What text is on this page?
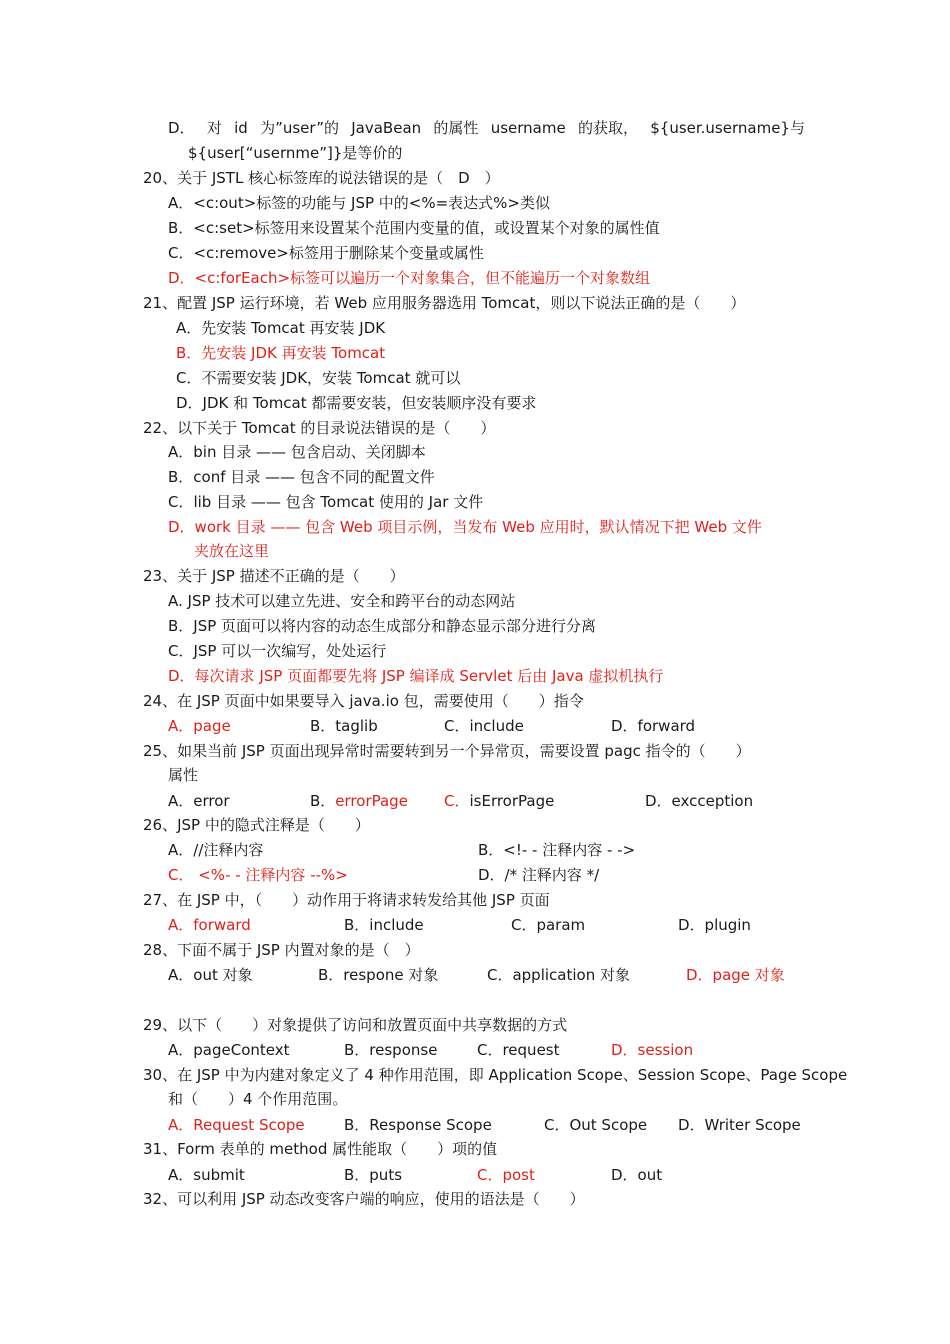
D． 对 id 为”user”的 JavaBean 的属性 username 的获取， ${user.username}与
${user[“usernme”]}是等价的
20、关于 JSTL 核心标签库的说法错误的是（　D　）
A．<c:out>标签的功能与 JSP 中的<%=表达式%>类似
B．<c:set>标签用来设置某个范围内变量的值，或设置某个对象的属性值
C．<c:remove>标签用于删除某个变量或属性
D．<c:forEach>标签可以遍历一个对象集合，但不能遍历一个对象数组
21、配置 JSP 运行环境，若 Web 应用服务器选用 Tomcat，则以下说法正确的是（　　）
A．先安装 Tomcat 再安装 JDK
B．先安装 JDK 再安装 Tomcat
C．不需要安装 JDK，安装 Tomcat 就可以
D．JDK 和 Tomcat 都需要安装，但安装顺序没有要求
22、以下关于 Tomcat 的目录说法错误的是（　　）
A．bin 目录 —— 包含启动、关闭脚本
B．conf 目录 —— 包含不同的配置文件
C．lib 目录 —— 包含 Tomcat 使用的 Jar 文件
D．work 目录 —— 包含 Web 项目示例，当发布 Web 应用时，默认情况下把 Web 文件
夹放在这里
23、关于 JSP 描述不正确的是（　　）
A. JSP 技术可以建立先进、安全和跨平台的动态网站
B．JSP 页面可以将内容的动态生成部分和静态显示部分进行分离
C．JSP 可以一次编写，处处运行
D．每次请求 JSP 页面都要先将 JSP 编译成 Servlet 后由 Java 虚拟机执行
24、在 JSP 页面中如果要导入 java.io 包，需要使用（　　）指令
A．page	B．taglib	C．include	D．forward
25、如果当前 JSP 页面出现异常时需要转到另一个异常页，需要设置 pagc 指令的（　　）
属性
A．error	B．errorPage C．isErrorPage	D．excception
26、JSP 中的隐式注释是（　　）
A．//注释内容	B．<!- - 注释内容 - ->
C． <%- - 注释内容 --%>	D．/* 注释内容 */
27、在 JSP 中，（　　）动作用于将请求转发给其他 JSP 页面
A．forward	B．include	C．param	D．plugin
28、下面不属于 JSP 内置对象的是（　）
A．out 对象	B．respone 对象	C．application 对象	D．page 对象
29、以下（　　）对象提供了访问和放置页面中共享数据的方式
A．pageContext	B．response	C．request	D．session
30、在 JSP 中为内建对象定义了 4 种作用范围，即 Application Scope、Session Scope、Page Scope
和（　　）4 个作用范围。
A．Request Scope	B．Response Scope	C．Out Scope D．Writer Scope
31、Form 表单的 method 属性能取（　　）项的值
A．submit	B．puts	C．post	D．out
32、可以利用 JSP 动态改变客户端的响应，使用的语法是（　　）
